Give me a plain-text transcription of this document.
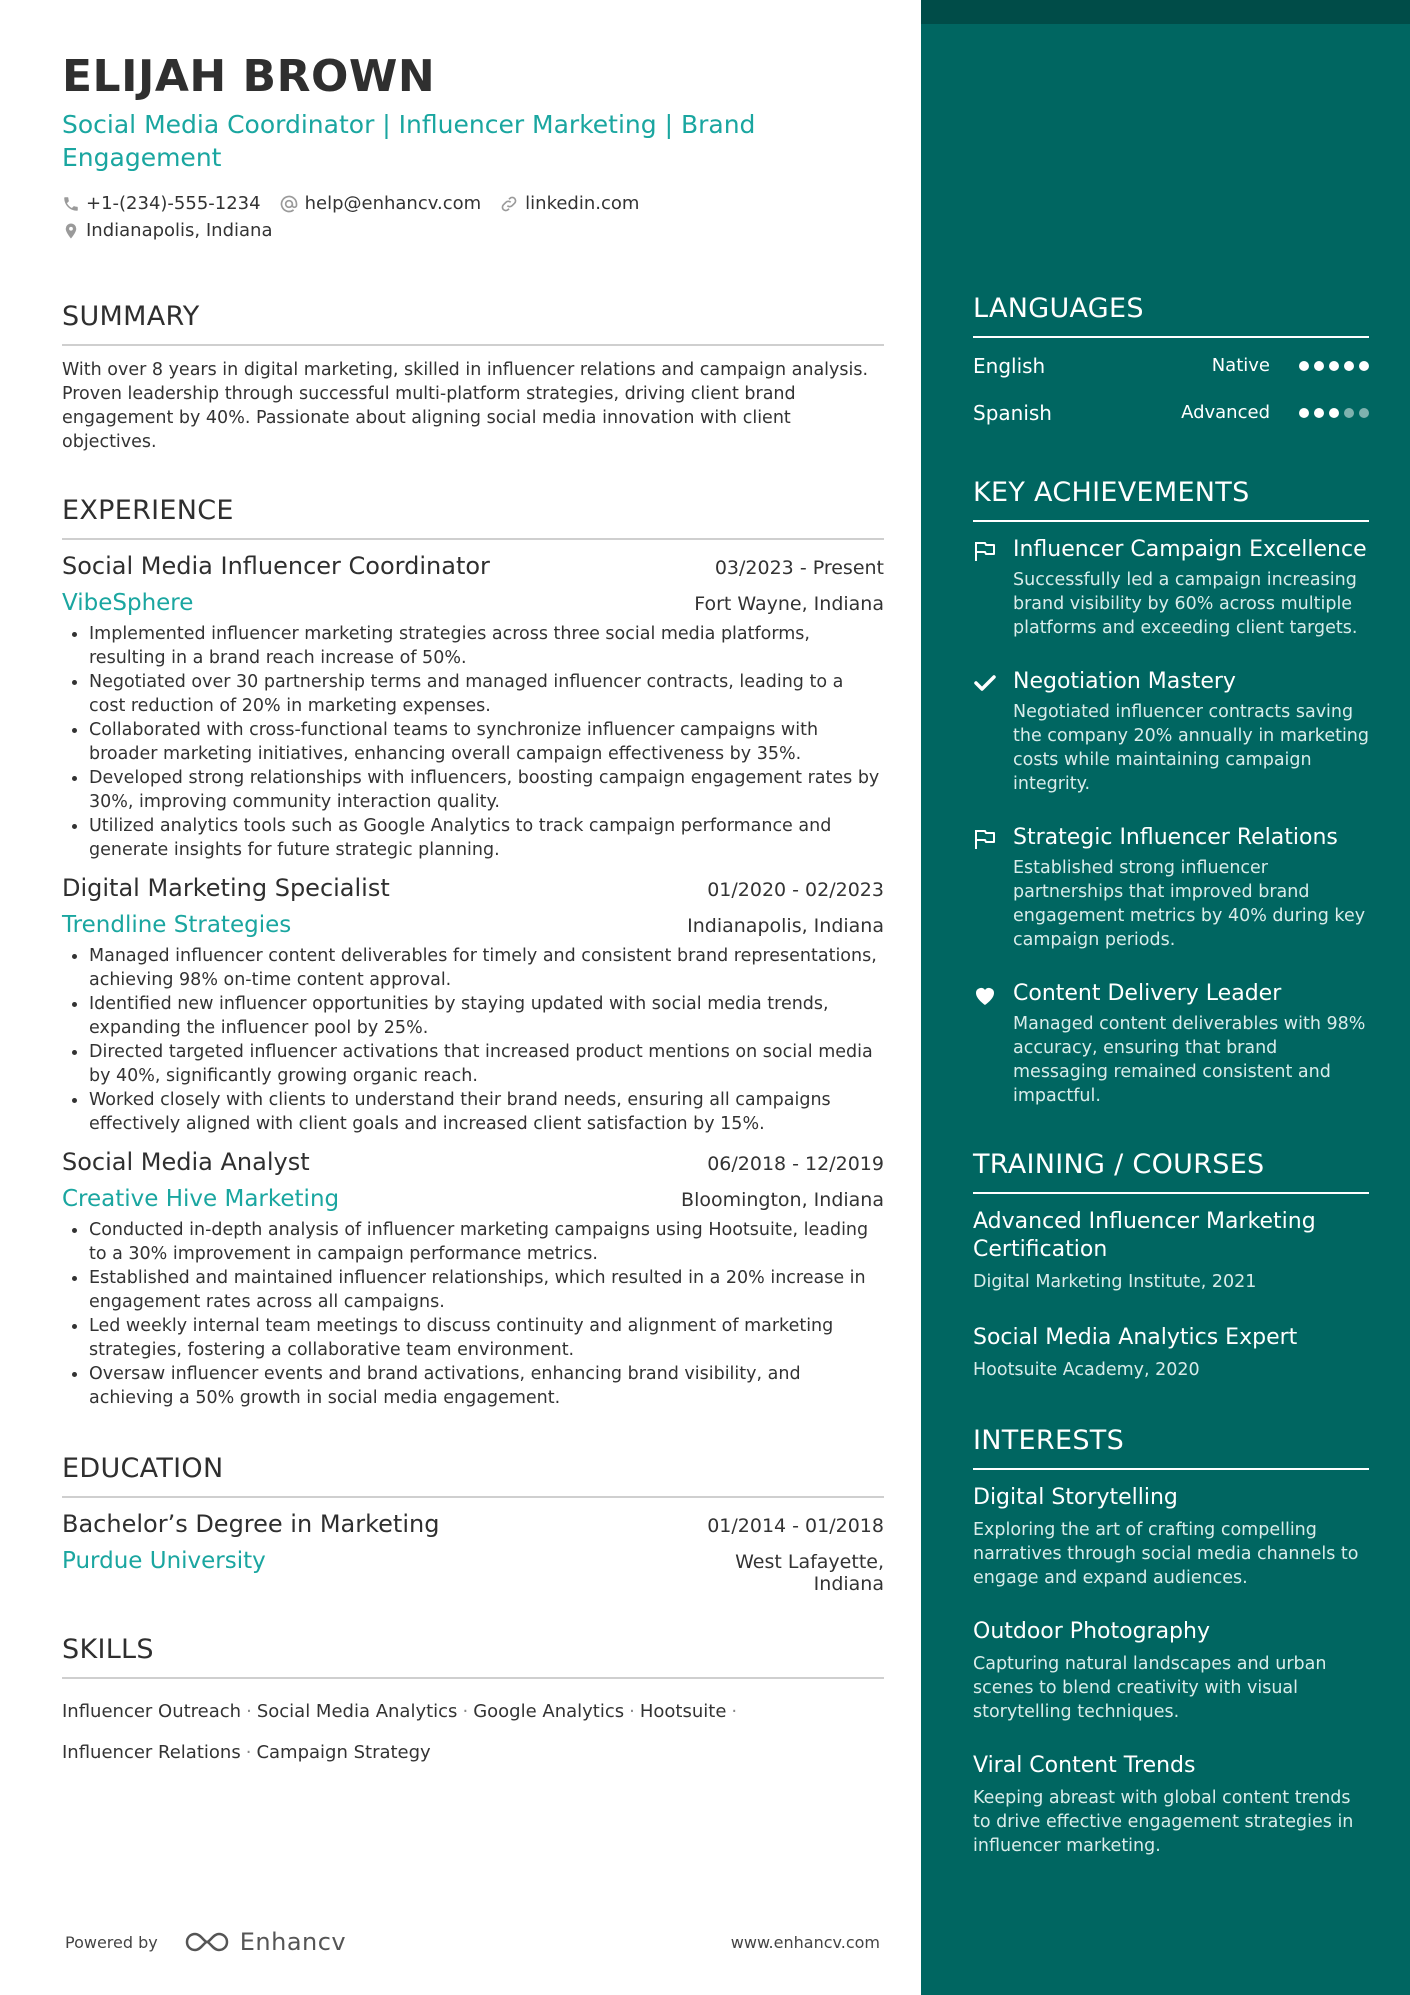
ELIJAH BROWN
Social Media Coordinator | Influencer Marketing | Brand Engagement
+1-(234)-555-1234 help@enhancv.com linkedin.com
Indianapolis, Indiana
SUMMARY
With over 8 years in digital marketing, skilled in influencer relations and campaign analysis. Proven leadership through successful multi-platform strategies, driving client brand engagement by 40%. Passionate about aligning social media innovation with client objectives.
EXPERIENCE
Social Media Influencer Coordinator	03/2023 - Present
VibeSphere	Fort Wayne, Indiana
Implemented influencer marketing strategies across three social media platforms, resulting in a brand reach increase of 50%.
Negotiated over 30 partnership terms and managed influencer contracts, leading to a cost reduction of 20% in marketing expenses.
Collaborated with cross-functional teams to synchronize influencer campaigns with broader marketing initiatives, enhancing overall campaign effectiveness by 35%.
Developed strong relationships with influencers, boosting campaign engagement rates by 30%, improving community interaction quality.
Utilized analytics tools such as Google Analytics to track campaign performance and generate insights for future strategic planning.
Digital Marketing Specialist	01/2020 - 02/2023
Trendline Strategies	Indianapolis, Indiana
Managed influencer content deliverables for timely and consistent brand representations, achieving 98% on-time content approval.
Identified new influencer opportunities by staying updated with social media trends, expanding the influencer pool by 25%.
Directed targeted influencer activations that increased product mentions on social media by 40%, significantly growing organic reach.
Worked closely with clients to understand their brand needs, ensuring all campaigns effectively aligned with client goals and increased client satisfaction by 15%.
Social Media Analyst	06/2018 - 12/2019
Creative Hive Marketing	Bloomington, Indiana
Conducted in-depth analysis of influencer marketing campaigns using Hootsuite, leading to a 30% improvement in campaign performance metrics.
Established and maintained influencer relationships, which resulted in a 20% increase in engagement rates across all campaigns.
Led weekly internal team meetings to discuss continuity and alignment of marketing strategies, fostering a collaborative team environment.
Oversaw influencer events and brand activations, enhancing brand visibility, and achieving a 50% growth in social media engagement.
EDUCATION
Bachelor’s Degree in Marketing	01/2014 - 01/2018
Purdue University	West Lafayette,
Indiana
SKILLS
Influencer Outreach · Social Media Analytics · Google Analytics · Hootsuite ·
Influencer Relations · Campaign Strategy
Powered by	Enhancv	www.enhancv.com
LANGUAGES
English	Native
Spanish	Advanced
KEY ACHIEVEMENTS
Influencer Campaign Excellence
Successfully led a campaign increasing brand visibility by 60% across multiple platforms and exceeding client targets.
Negotiation Mastery
Negotiated influencer contracts saving the company 20% annually in marketing costs while maintaining campaign integrity.
Strategic Influencer Relations
Established strong influencer partnerships that improved brand engagement metrics by 40% during key campaign periods.
Content Delivery Leader
Managed content deliverables with 98% accuracy, ensuring that brand messaging remained consistent and impactful.
TRAINING / COURSES
Advanced Influencer Marketing Certification
Digital Marketing Institute, 2021
Social Media Analytics Expert
Hootsuite Academy, 2020
INTERESTS
Digital Storytelling
Exploring the art of crafting compelling narratives through social media channels to engage and expand audiences.
Outdoor Photography
Capturing natural landscapes and urban scenes to blend creativity with visual storytelling techniques.
Viral Content Trends
Keeping abreast with global content trends to drive effective engagement strategies in influencer marketing.
